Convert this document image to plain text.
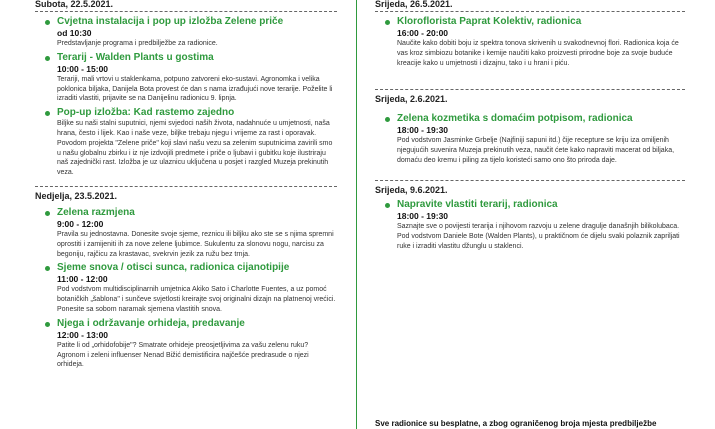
Subota, 22.5.2021.
Cvjetna instalacija i pop up izložba Zelene priče
od 10:30
Predstavljanje programa i predbilježbe za radionice.
Terarij - Walden Plants u gostima
10:00 - 15:00
Terariji, mali vrtovi u staklenkama, potpuno zatvoreni eko-sustavi. Agronomka i velika poklonica biljaka, Danijela Bota provest će dan s nama izrađujući nove terarije. Poželite li izraditi vlastiti, prijavite se na Danijelinu radionicu 9. lipnja.
Pop-up izložba: Kad rastemo zajedno
Biljke su naši stalni suputnici, njemi svjedoci naših života, nadahnuće u umjetnosti, naša hrana, često i lijek. Kao i naše veze, biljke trebaju njegu i vrijeme za rast i oporavak. Povodom projekta "Zelene priče" koji slavi našu vezu sa zelenim suputnicima zavirili smo u našu globalnu zbirku i iz nje izdvojili predmete i priče o ljubavi i gubitku koje ilustriraju naš zajednički rast. Izložba je uz ulaznicu uključena u posjet i razgled Muzeja prekinutih veza.
Nedjelja, 23.5.2021.
Zelena razmjena
9:00 - 12:00
Pravila su jednostavna. Donesite svoje sjeme, reznicu ili biljku ako ste se s njima spremni oprostiti i zamijeniti ih za nove zelene ljubimce. Sukulentu za slonovu nogu, narcisu za begoniju, rajčicu za krastavac, svekrvin jezik za ružu bez trnja.
Sjeme snova / otisci sunca, radionica cijanotipije
11:00 - 12:00
Pod vodstvom multidisciplinarnih umjetnica Akiko Sato i Charlotte Fuentes, a uz pomoć botaničkih „šablona" i sunčeve svjetlosti kreirajte svoj originalni dizajn na platnenoj vrećici. Ponesite sa sobom naramak sjemena vlastitih snova.
Njega i održavanje orhideja, predavanje
12:00 - 13:00
Patite li od „orhidofobije"? Smatrate orhideje preosjetljivima za vašu zelenu ruku? Agronom i zeleni influenser Nenad Bižić demistificira najčešće predrasude o njezi orhideja.
Srijeda, 26.5.2021.
Kloroflorista Paprat Kolektiv, radionica
16:00 - 20:00
Naučite kako dobiti boju iz spektra tonova skrivenih u svakodnevnoj flori. Radionica koja će vas kroz simbiozu botanike i kemije naučiti kako proizvesti prirodne boje za svoje buduće kreacije kako u umjetnosti i dizajnu, tako i u hrani i piću.
Srijeda, 2.6.2021.
Zelena kozmetika s domaćim potpisom, radionica
18:00 - 19:30
Pod vodstvom Jasminke Grbelje (Najfiniji sapuni itd.) čije recepture se kriju iza omiljenih njegujućih suvenira Muzeja prekinutih veza, naučit ćete kako napraviti macerat od biljaka, domaću deo kremu i piling za tijelo koristeći samo ono što priroda daje.
Srijeda, 9.6.2021.
Napravite vlastiti terarij, radionica
18:00 - 19:30
Saznajte sve o povijesti terarija i njihovom razvoju u zelene dragulje današnjih bilikolubaca. Pod vodstvom Daniele Bote (Walden Plants), u praktičnom će dijelu svaki polaznik zapriljati ruke i izraditi vlastitu džunglu u staklenci.
Sve radionice su besplatne, a zbog ograničenog broja mjesta predbilježbe
